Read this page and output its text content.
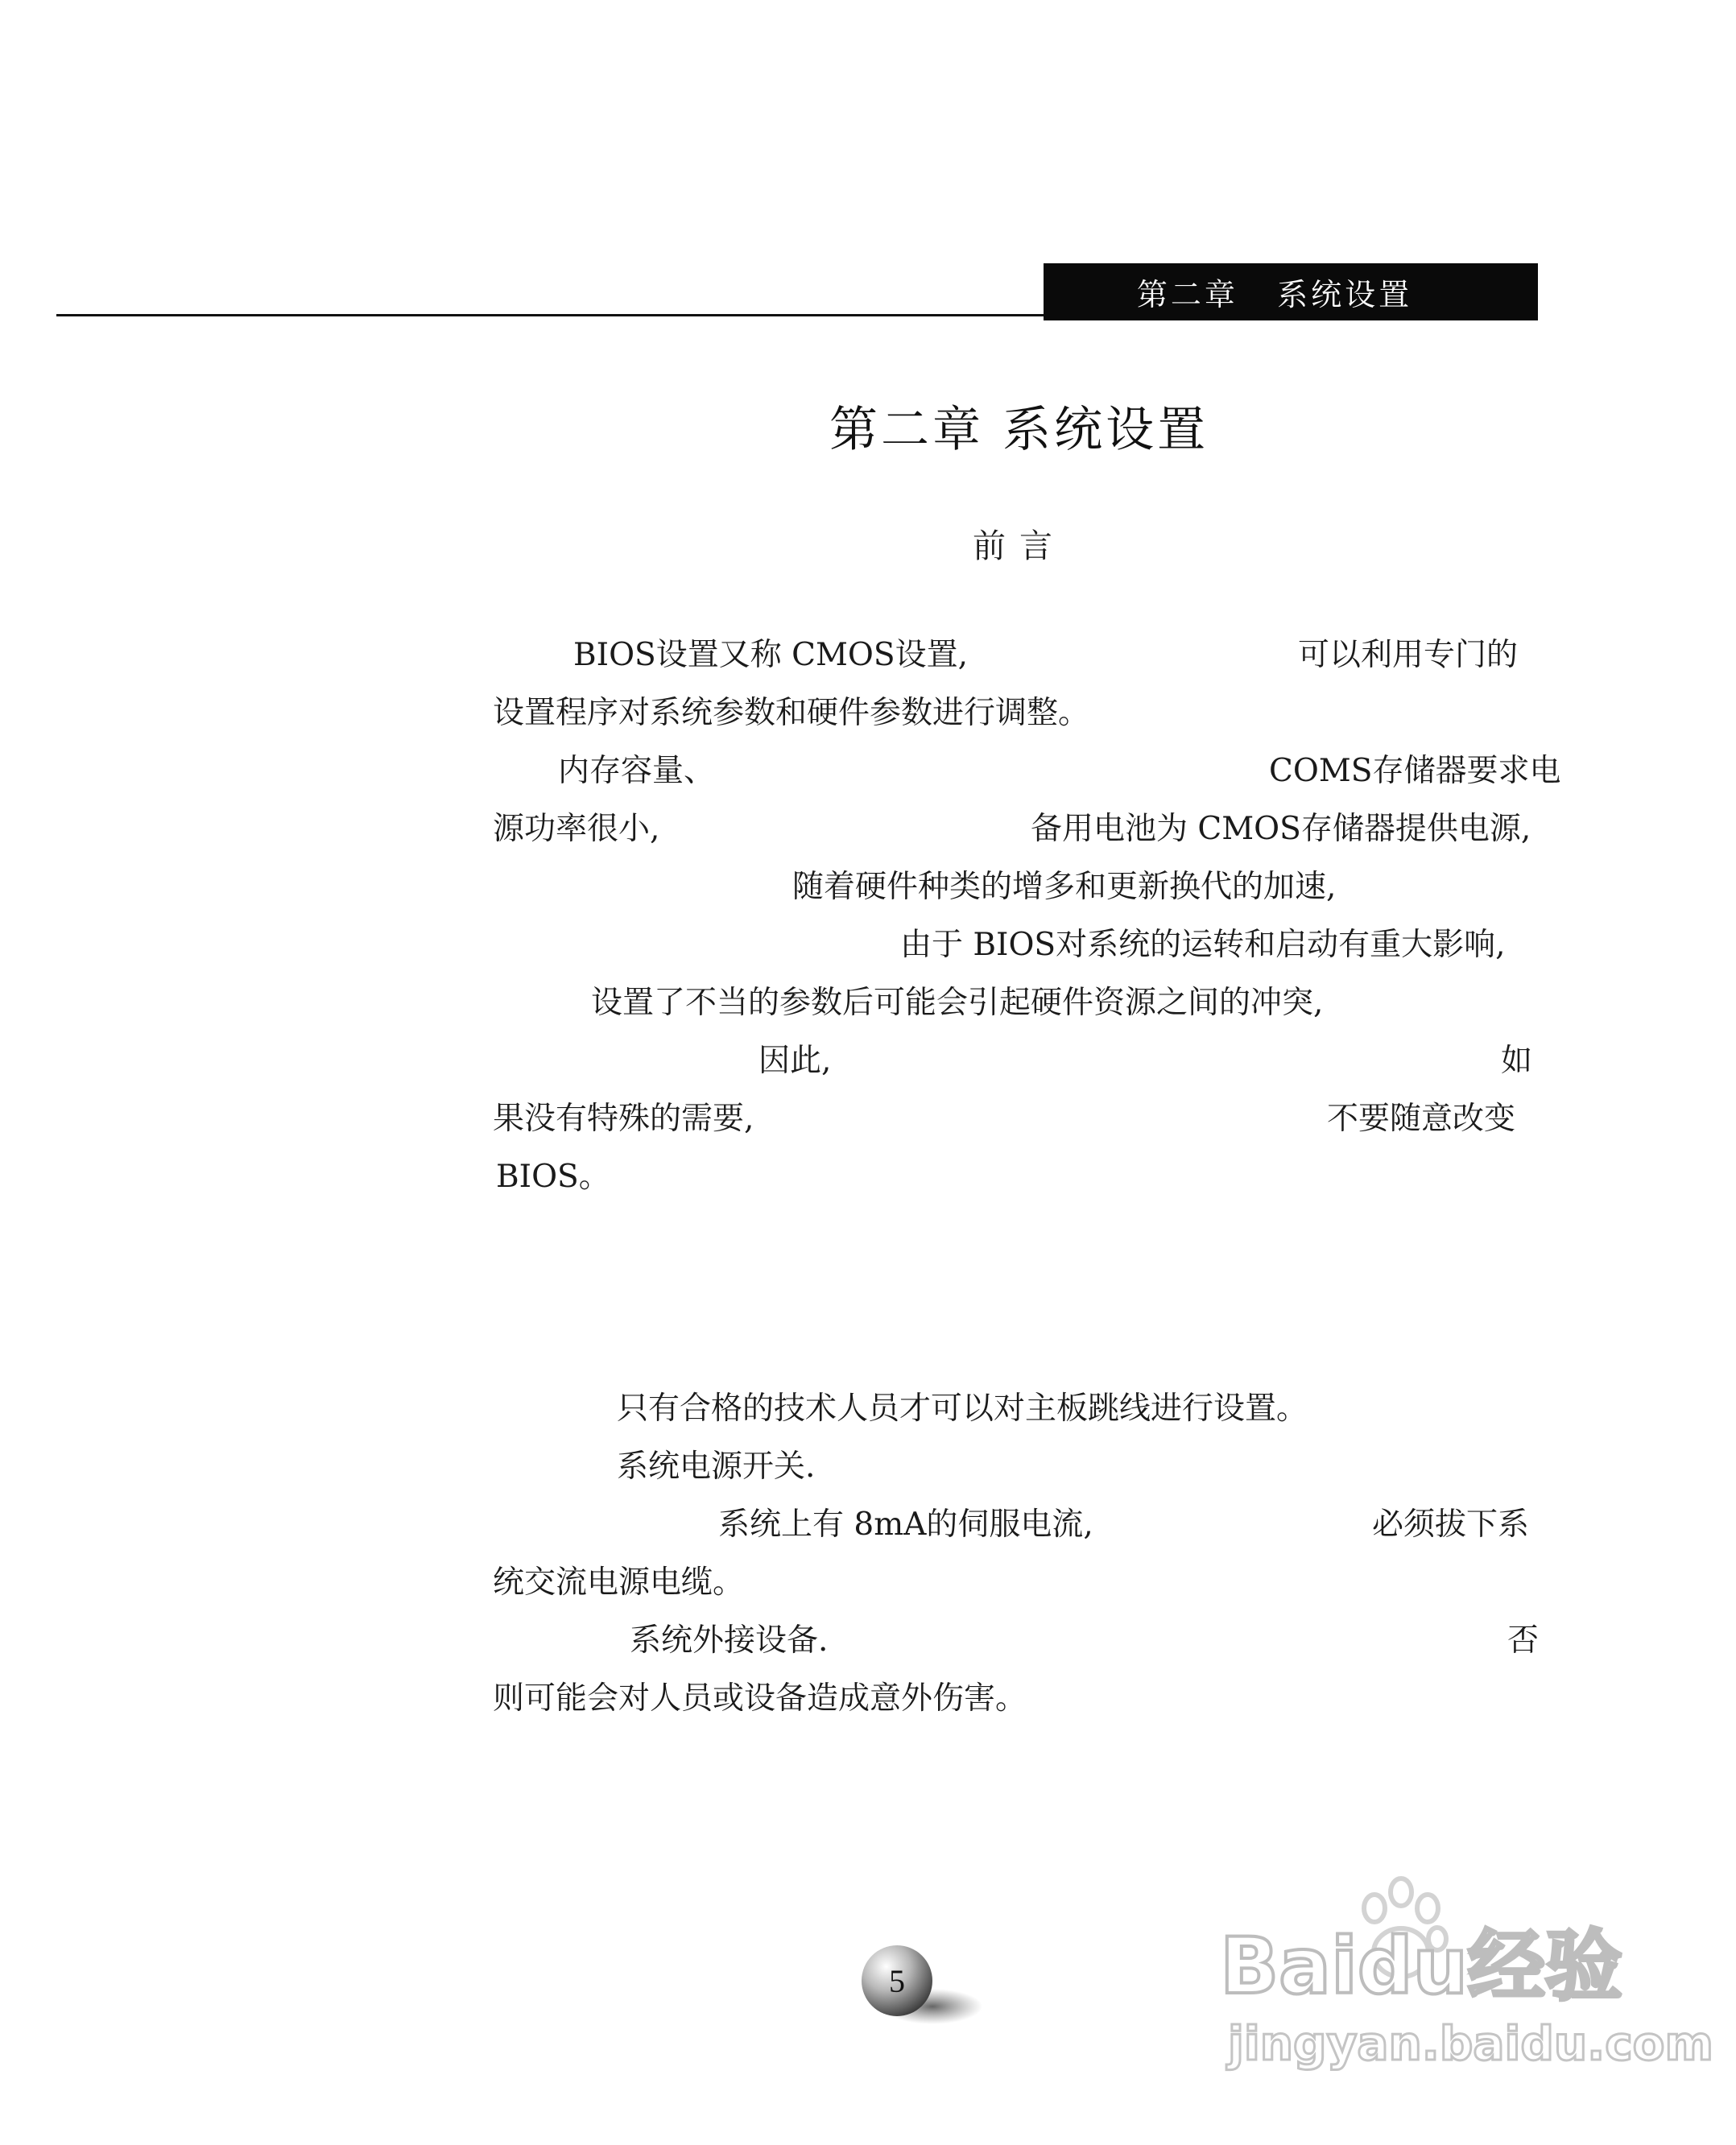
第二章   系统设置
第二章 系统设置
前 言
BIOS设置又称 CMOS设置,	可以利用专门的
设置程序对系统参数和硬件参数进行调整。
内存容量、	COMS存储器要求电
源功率很小,	备用电池为 CMOS存储器提供电源,
随着硬件种类的增多和更新换代的加速,
由于 BIOS对系统的运转和启动有重大影响,
设置了不当的参数后可能会引起硬件资源之间的冲突,
因此,	如
果没有特殊的需要,	不要随意改变
BIOS。
只有合格的技术人员才可以对主板跳线进行设置。
系统电源开关.
系统上有 8mA的伺服电流,	必须拔下系
统交流电源电缆。
系统外接设备.	否
则可能会对人员或设备造成意外伤害。
5	Baidu经验
jingyan.baidu.com
